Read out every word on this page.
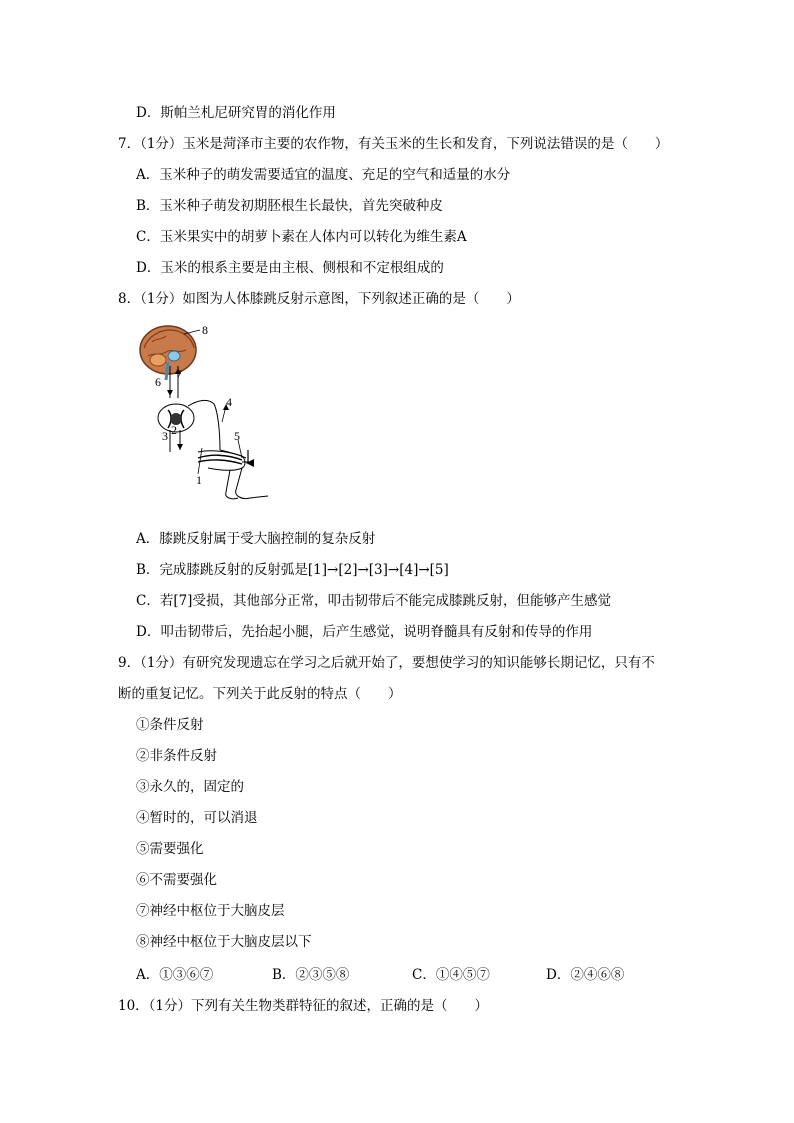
D．斯帕兰札尼研究胃的消化作用
7．（1分）玉米是菏泽市主要的农作物，有关玉米的生长和发育，下列说法错误的是（　　）
A．玉米种子的萌发需要适宜的温度、充足的空气和适量的水分
B．玉米种子萌发初期胚根生长最快，首先突破种皮
C．玉米果实中的胡萝卜素在人体内可以转化为维生素A
D．玉米的根系主要是由主根、侧根和不定根组成的
8．（1分）如图为人体膝跳反射示意图，下列叙述正确的是（　　）
8
7
6
4
2
3	5
1
A．膝跳反射属于受大脑控制的复杂反射
B．完成膝跳反射的反射弧是[1]→[2]→[3]→[4]→[5]
C．若[7]受损，其他部分正常，叩击韧带后不能完成膝跳反射，但能够产生感觉
D．叩击韧带后，先抬起小腿，后产生感觉，说明脊髓具有反射和传导的作用
9．（1分）有研究发现遗忘在学习之后就开始了，要想使学习的知识能够长期记忆，只有不
断的重复记忆。下列关于此反射的特点（　　）
①条件反射
②非条件反射
③永久的，固定的
④暂时的，可以消退
⑤需要强化
⑥不需要强化
⑦神经中枢位于大脑皮层
⑧神经中枢位于大脑皮层以下
A．①③⑥⑦	B．②③⑤⑧	C．①④⑤⑦	D．②④⑥⑧
10．（1分）下列有关生物类群特征的叙述，正确的是（　　）
